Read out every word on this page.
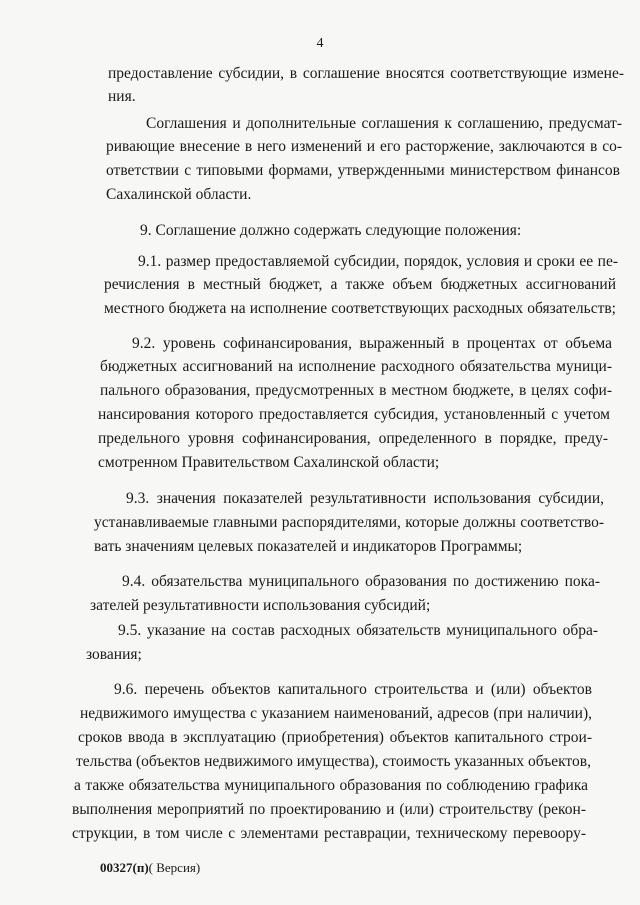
4
предоставление субсидии, в соглашение вносятся соответствующие измене-
ния.
Соглашения и дополнительные соглашения к соглашению, предусмат-
ривающие внесение в него изменений и его расторжение, заключаются в со-
ответствии с типовыми формами, утвержденными министерством финансов
Сахалинской области.
9. Соглашение должно содержать следующие положения:
9.1. размер предоставляемой субсидии, порядок, условия и сроки ее пе-
речисления в местный бюджет, а также объем бюджетных ассигнований
местного бюджета на исполнение соответствующих расходных обязательств;
9.2. уровень софинансирования, выраженный в процентах от объема
бюджетных ассигнований на исполнение расходного обязательства муници-
пального образования, предусмотренных в местном бюджете, в целях софи-
нансирования которого предоставляется субсидия, установленный с учетом
предельного уровня софинансирования, определенного в порядке, преду-
смотренном Правительством Сахалинской области;
9.3. значения показателей результативности использования субсидии,
устанавливаемые главными распорядителями, которые должны соответство-
вать значениям целевых показателей и индикаторов Программы;
9.4. обязательства муниципального образования по достижению пока-
зателей результативности использования субсидий;
9.5. указание на состав расходных обязательств муниципального обра-
зования;
9.6. перечень объектов капитального строительства и (или) объектов
недвижимого имущества с указанием наименований, адресов (при наличии),
сроков ввода в эксплуатацию (приобретения) объектов капитального строи-
тельства (объектов недвижимого имущества), стоимость указанных объектов,
а также обязательства муниципального образования по соблюдению графика
выполнения мероприятий по проектированию и (или) строительству (рекон-
струкции, в том числе с элементами реставрации, техническому перевоору-
00327(п)( Версия)
